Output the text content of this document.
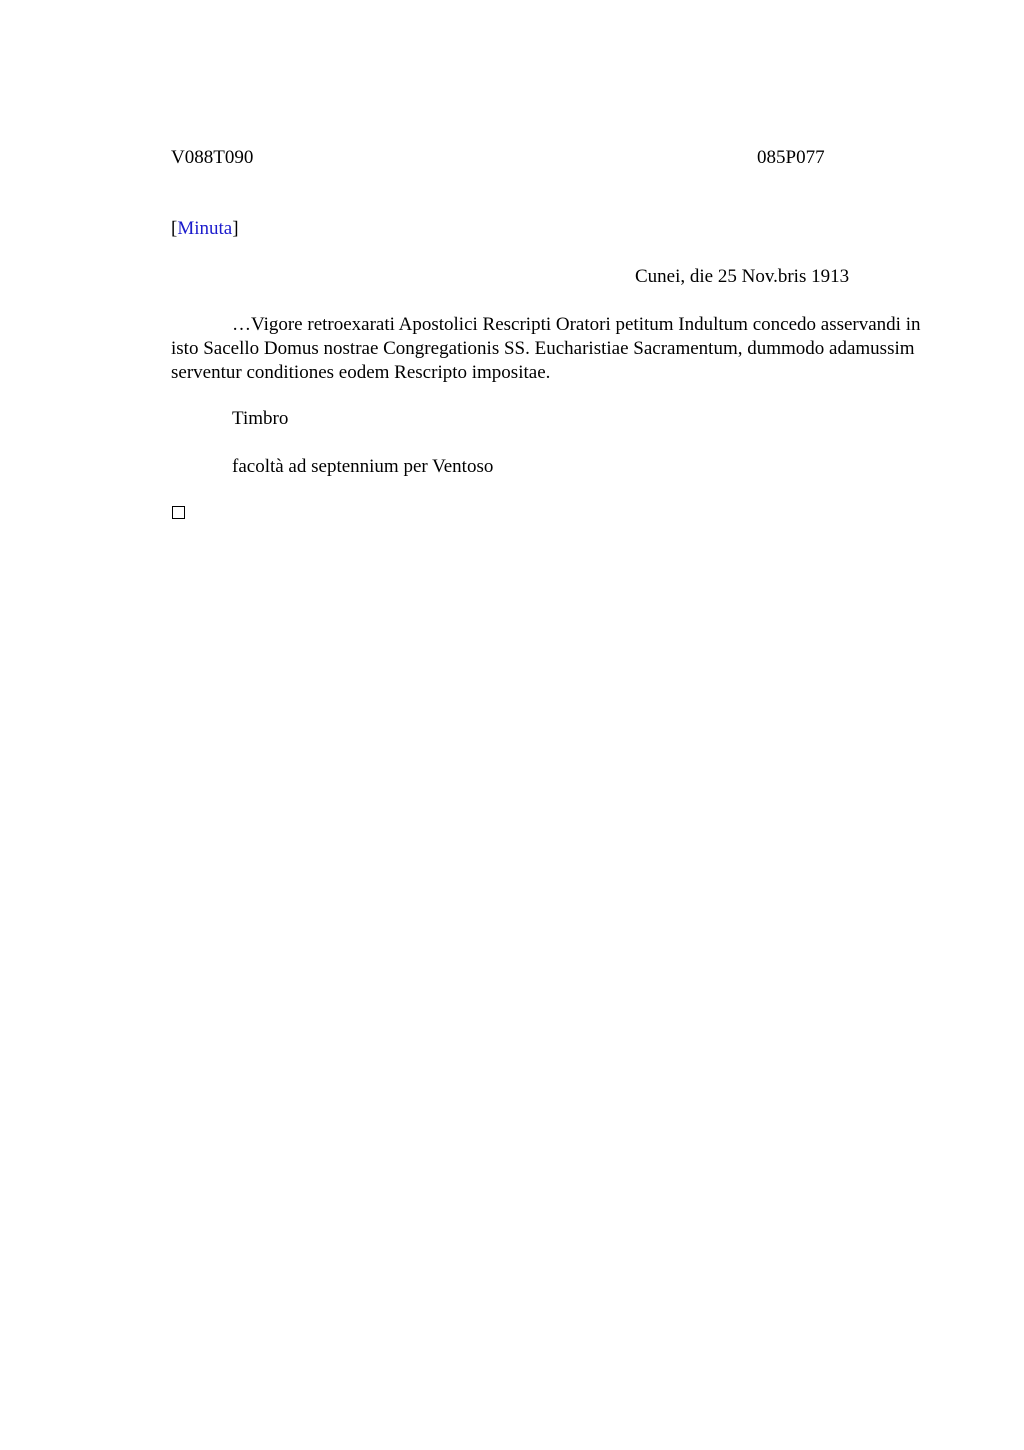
V088T090	085P077
[Minuta]
Cunei, die 25 Nov.bris 1913

…Vigore retroexarati Apostolici Rescripti Oratori petitum Indultum concedo asservandi in isto Sacello Domus nostrae Congregationis SS. Eucharistiae Sacramentum, dummodo adamussim serventur conditiones eodem Rescripto impositae.

Timbro
facoltà ad septennium per Ventoso
